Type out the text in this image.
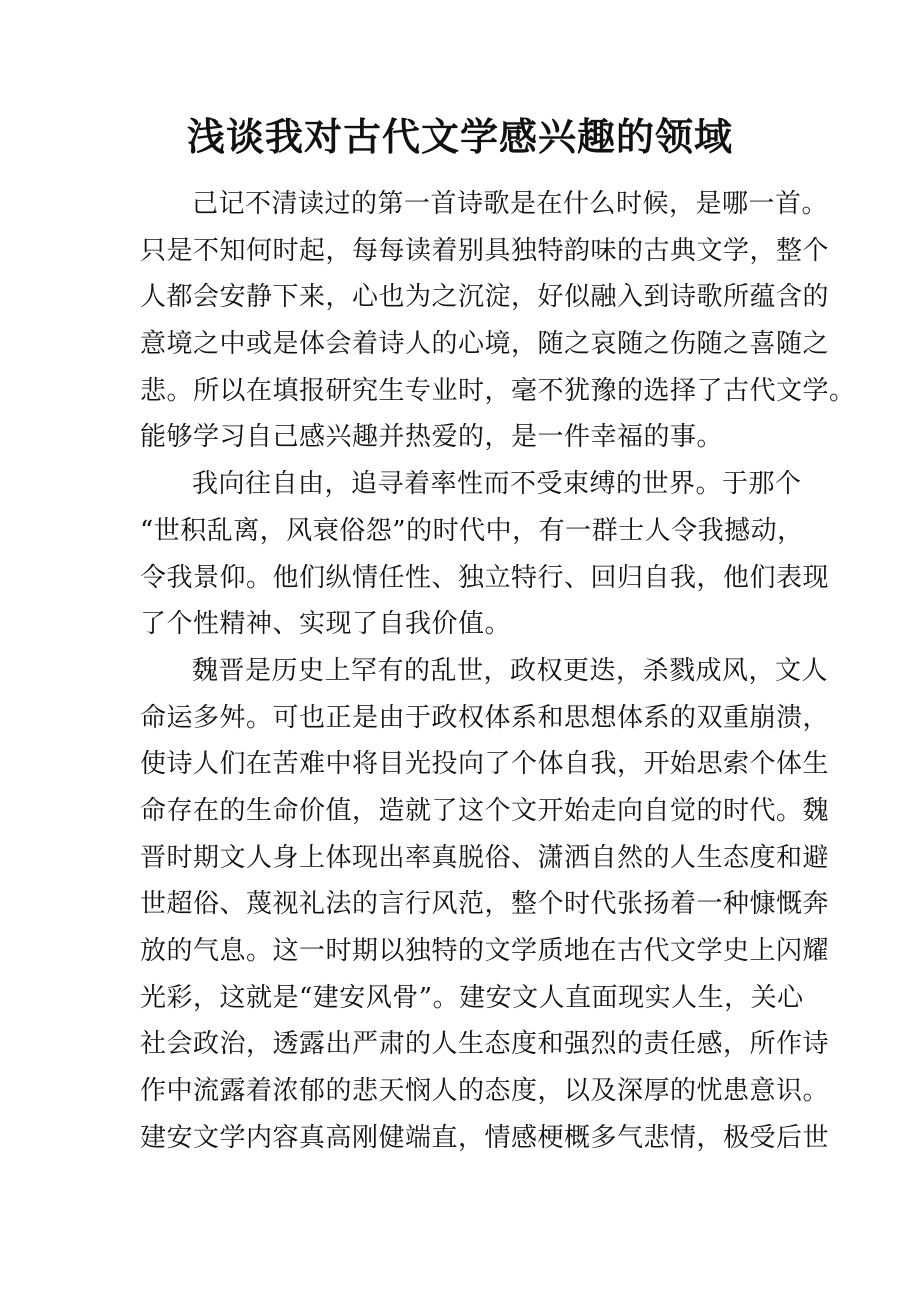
浅谈我对古代文学感兴趣的领域
己记不清读过的第一首诗歌是在什么时候，是哪一首。
只是不知何时起，每每读着别具独特韵味的古典文学，整个
人都会安静下来，心也为之沉淀，好似融入到诗歌所蕴含的
意境之中或是体会着诗人的心境，随之哀随之伤随之喜随之
悲。所以在填报研究生专业时，毫不犹豫的选择了古代文学。
能够学习自己感兴趣并热爱的，是一件幸福的事。
我向往自由，追寻着率性而不受束缚的世界。于那个
“世积乱离，风衰俗怨”的时代中，有一群士人令我撼动，
令我景仰。他们纵情任性、独立特行、回归自我，他们表现
了个性精神、实现了自我价值。
魏晋是历史上罕有的乱世，政权更迭，杀戮成风，文人
命运多舛。可也正是由于政权体系和思想体系的双重崩溃，
使诗人们在苦难中将目光投向了个体自我，开始思索个体生
命存在的生命价值，造就了这个文开始走向自觉的时代。魏
晋时期文人身上体现出率真脱俗、潇洒自然的人生态度和避
世超俗、蔑视礼法的言行风范，整个时代张扬着一种慷慨奔
放的气息。这一时期以独特的文学质地在古代文学史上闪耀
光彩，这就是“建安风骨”。建安文人直面现实人生，关心
社会政治，透露出严肃的人生态度和强烈的责任感，所作诗
作中流露着浓郁的悲天悯人的态度，以及深厚的忧患意识。
建安文学内容真高刚健端直，情感梗概多气悲情，极受后世
